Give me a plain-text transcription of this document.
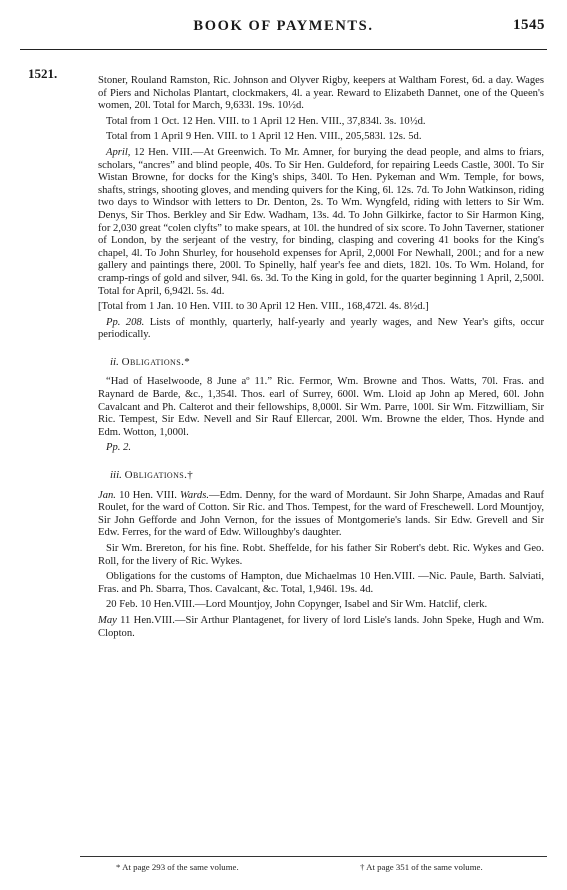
BOOK OF PAYMENTS.	1545
1521.	Stoner, Rouland Ramston, Ric. Johnson and Olyver Rigby, keepers at Waltham Forest, 6d. a day. Wages of Piers and Nicholas Plantart, clockmakers, 4l. a year. Reward to Elizabeth Dannet, one of the Queen's women, 20l. Total for March, 9,633l. 19s. 10½d.

Total from 1 Oct. 12 Hen. VIII. to 1 April 12 Hen. VIII., 37,834l. 3s. 10½d.

Total from 1 April 9 Hen. VIII. to 1 April 12 Hen. VIII., 205,583l. 12s. 5d.

April, 12 Hen. VIII.—At Greenwich. To Mr. Amner, for burying the dead people, and alms to friars, scholars, “ancres” and blind people, 40s. To Sir Hen. Guldeford, for repairing Leeds Castle, 300l. To Sir Wistan Browne, for docks for the King's ships, 340l. To Hen. Pykeman and Wm. Temple, for bows, shafts, strings, shooting gloves, and mending quivers for the King, 6l. 12s. 7d. To John Watkinson, riding two days to Windsor with letters to Dr. Denton, 2s. To Wm. Wyngfeld, riding with letters to Sir Wm. Denys, Sir Thos. Berkley and Sir Edw. Wadham, 13s. 4d. To John Gilkirke, factor to Sir Harmon King, for 2,030 great “colen clyfts” to make spears, at 10l. the hundred of six score. To John Taverner, stationer of London, by the serjeant of the vestry, for binding, clasping and covering 41 books for the King's chapel, 4l. To John Shurley, for household expenses for April, 2,000l For Newhall, 200l.; and for a new gallery and paintings there, 200l. To Spinelly, half year's fee and diets, 182l. 10s. To Wm. Holand, for cramp-rings of gold and silver, 94l. 6s. 3d. To the King in gold, for the quarter beginning 1 April, 2,500l. Total for April, 6,942l. 5s. 4d.

[Total from 1 Jan. 10 Hen. VIII. to 30 April 12 Hen. VIII., 168,472l. 4s. 8½d.]

Pp. 208. Lists of monthly, quarterly, half-yearly and yearly wages, and New Year's gifts, occur periodically.

ii. Obligations.*

“Had of Haselwoode, 8 June aº 11.” Ric. Fermor, Wm. Browne and Thos. Watts, 70l. Fras. and Raynard de Barde, &c., 1,354l. Thos. earl of Surrey, 600l. Wm. Lloid ap John ap Mered, 60l. John Cavalcant and Ph. Calterot and their fellowships, 8,000l. Sir Wm. Parre, 100l. Sir Wm. Fitzwilliam, Sir Ric. Tempest, Sir Edw. Nevell and Sir Rauf Ellercar, 200l. Wm. Browne the elder, Thos. Hynde and Edm. Wotton, 1,000l.

Pp. 2.

iii. Obligations.†

Jan. 10 Hen. VIII. Wards.—Edm. Denny, for the ward of Mordaunt. Sir John Sharpe, Amadas and Rauf Roulet, for the ward of Cotton. Sir Ric. and Thos. Tempest, for the ward of Freschewell. Lord Mountjoy, Sir John Gefforde and John Vernon, for the issues of Montgomerie's lands. Sir Edw. Grevell and Sir Edw. Ferres, for the ward of Edw. Willoughby's daughter.

Sir Wm. Brereton, for his fine. Robt. Sheffelde, for his father Sir Robert's debt. Ric. Wykes and Geo. Roll, for the livery of Ric. Wykes.

Obligations for the customs of Hampton, due Michaelmas 10 Hen.VIII. —Nic. Paule, Barth. Salviati, Fras. and Ph. Sbarra, Thos. Cavalcant, &c. Total, 1,946l. 19s. 4d.

20 Feb. 10 Hen.VIII.—Lord Mountjoy, John Copynger, Isabel and Sir Wm. Hatclif, clerk.

May 11 Hen.VIII.—Sir Arthur Plantagenet, for livery of lord Lisle's lands. John Speke, Hugh and Wm. Clopton.

* At page 293 of the same volume.	† At page 351 of the same volume.
